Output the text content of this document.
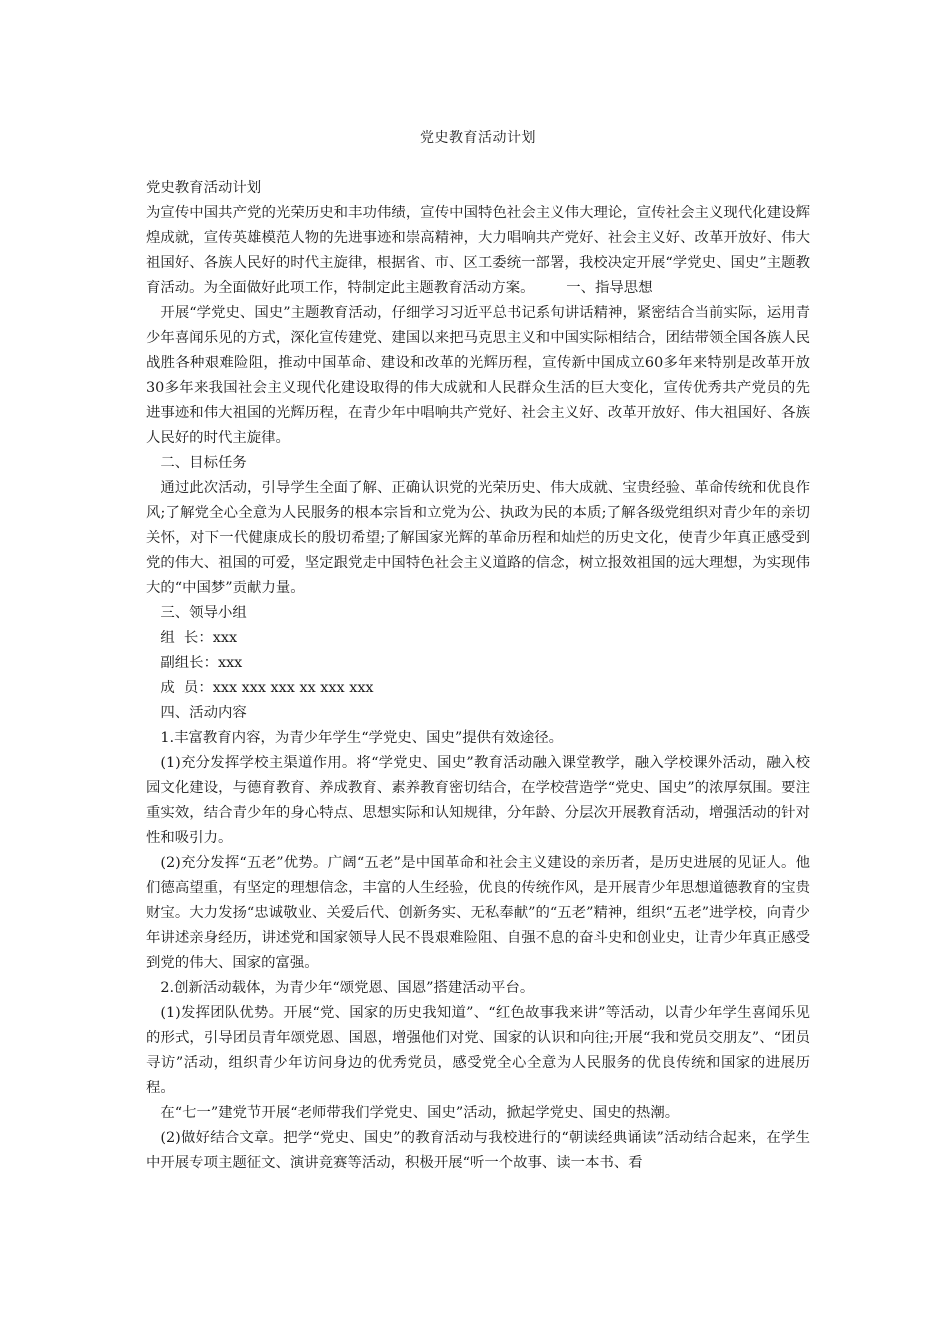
党史教育活动计划

党史教育活动计划

为宣传中国共产党的光荣历史和丰功伟绩，宣传中国特色社会主义伟大理论，宣传社会主义现代化建设辉煌成就，宣传英雄模范人物的先进事迹和崇高精神，大力唱响共产党好、社会主义好、改革开放好、伟大祖国好、各族人民好的时代主旋律，根据省、市、区工委统一部署，我校决定开展“学党史、国史”主题教育活动。为全面做好此项工作，特制定此主题教育活动方案。 一、指导思想

开展“学党史、国史”主题教育活动，仔细学习习近平总书记系旬讲话精神，紧密结合当前实际，运用青少年喜闻乐见的方式，深化宣传建党、建国以来把马克思主义和中国实际相结合，团结带领全国各族人民战胜各种艰难险阻，推动中国革命、建设和改革的光辉历程，宣传新中国成立60多年来特别是改革开放30多年来我国社会主义现代化建设取得的伟大成就和人民群众生活的巨大变化，宣传优秀共产党员的先进事迹和伟大祖国的光辉历程，在青少年中唱响共产党好、社会主义好、改革开放好、伟大祖国好、各族人民好的时代主旋律。

二、目标任务

通过此次活动，引导学生全面了解、正确认识党的光荣历史、伟大成就、宝贵经验、革命传统和优良作风;了解党全心全意为人民服务的根本宗旨和立党为公、执政为民的本质;了解各级党组织对青少年的亲切关怀，对下一代健康成长的殷切希望;了解国家光辉的革命历程和灿烂的历史文化，使青少年真正感受到党的伟大、祖国的可爱，坚定跟党走中国特色社会主义道路的信念，树立报效祖国的远大理想，为实现伟大的“中国梦”贡献力量。

三、领导小组

组  长：xxx

副组长：xxx

成  员：xxx xxx xxx xx xxx xxx

四、活动内容

1.丰富教育内容，为青少年学生“学党史、国史”提供有效途径。

(1)充分发挥学校主渠道作用。将“学党史、国史”教育活动融入课堂教学，融入学校课外活动，融入校园文化建设，与德育教育、养成教育、素养教育密切结合，在学校营造学“党史、国史”的浓厚氛围。要注重实效，结合青少年的身心特点、思想实际和认知规律，分年龄、分层次开展教育活动，增强活动的针对性和吸引力。

(2)充分发挥“五老”优势。广阔“五老”是中国革命和社会主义建设的亲历者，是历史进展的见证人。他们德高望重，有坚定的理想信念，丰富的人生经验，优良的传统作风，是开展青少年思想道德教育的宝贵财宝。大力发扬“忠诚敬业、关爱后代、创新务实、无私奉献”的“五老”精神，组织“五老”进学校，向青少年讲述亲身经历，讲述党和国家领导人民不畏艰难险阻、自强不息的奋斗史和创业史，让青少年真正感受到党的伟大、国家的富强。

2.创新活动载体，为青少年“颂党恩、国恩”搭建活动平台。

(1)发挥团队优势。开展“党、国家的历史我知道”、“红色故事我来讲”等活动，以青少年学生喜闻乐见的形式，引导团员青年颂党恩、国恩，增强他们对党、国家的认识和向往;开展“我和党员交朋友”、“团员寻访”活动，组织青少年访问身边的优秀党员，感受党全心全意为人民服务的优良传统和国家的进展历程。

在“七一”建党节开展“老师带我们学党史、国史”活动，掀起学党史、国史的热潮。

(2)做好结合文章。把学“党史、国史”的教育活动与我校进行的“朝读经典诵读”活动结合起来，在学生中开展专项主题征文、演讲竞赛等活动，积极开展“听一个故事、读一本书、看
